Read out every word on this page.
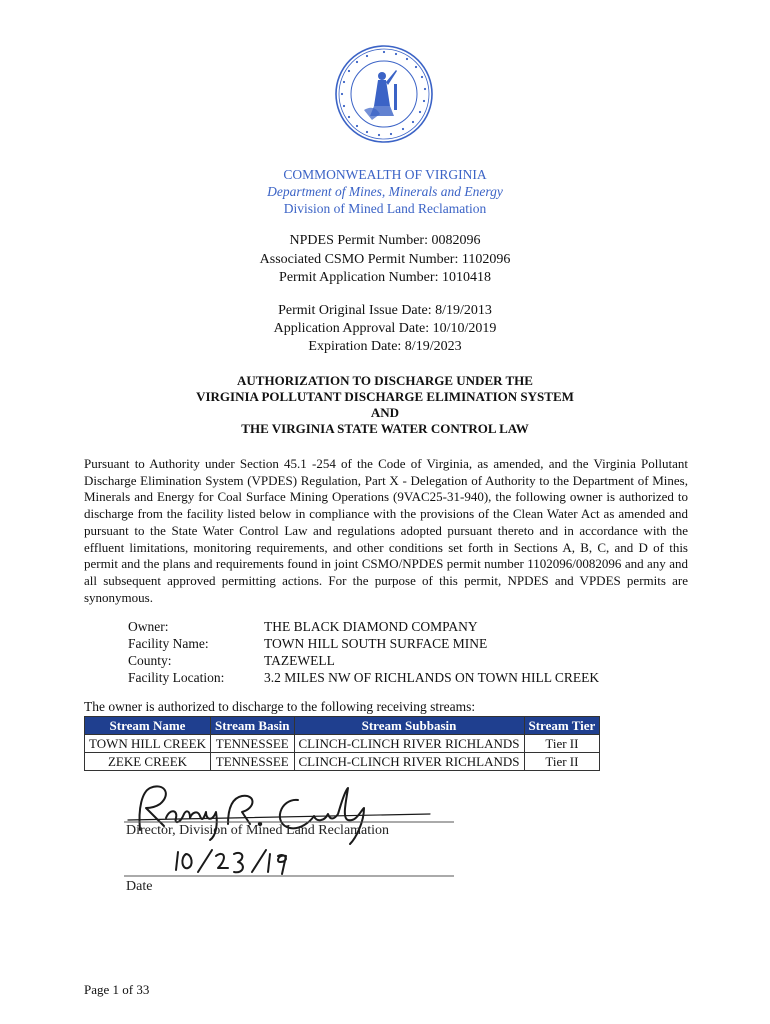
COMMONWEALTH OF VIRGINIA
Department of Mines, Minerals and Energy
Division of Mined Land Reclamation
NPDES Permit Number: 0082096
Associated CSMO Permit Number: 1102096
Permit Application Number: 1010418
Permit Original Issue Date: 8/19/2013
Application Approval Date: 10/10/2019
Expiration Date: 8/19/2023
AUTHORIZATION TO DISCHARGE UNDER THE
VIRGINIA POLLUTANT DISCHARGE ELIMINATION SYSTEM
AND
THE VIRGINIA STATE WATER CONTROL LAW

Pursuant to Authority under Section 45.1 -254 of the Code of Virginia, as amended, and the Virginia Pollutant Discharge Elimination System (VPDES) Regulation, Part X - Delegation of Authority to the Department of Mines, Minerals and Energy for Coal Surface Mining Operations (9VAC25-31-940), the following owner is authorized to discharge from the facility listed below in compliance with the provisions of the Clean Water Act as amended and pursuant to the State Water Control Law and regulations adopted pursuant thereto and in accordance with the effluent limitations, monitoring requirements, and other conditions set forth in Sections A, B, C, and D of this permit and the plans and requirements found in joint CSMO/NPDES permit number 1102096/0082096 and any and all subsequent approved permitting actions. For the purpose of this permit, NPDES and VPDES permits are synonymous.

Owner:	THE BLACK DIAMOND COMPANY
Facility Name:	TOWN HILL SOUTH SURFACE MINE
County:	TAZEWELL
Facility Location:	3.2 MILES NW OF RICHLANDS ON TOWN HILL CREEK
The owner is authorized to discharge to the following receiving streams:
Stream Name	Stream Basin	Stream Subbasin	Stream Tier
TOWN HILL CREEK	TENNESSEE	CLINCH-CLINCH RIVER RICHLANDS	Tier II
ZEKE CREEK	TENNESSEE	CLINCH-CLINCH RIVER RICHLANDS	Tier II
Director, Division of Mined Land Reclamation
Date
Page 1 of 33
